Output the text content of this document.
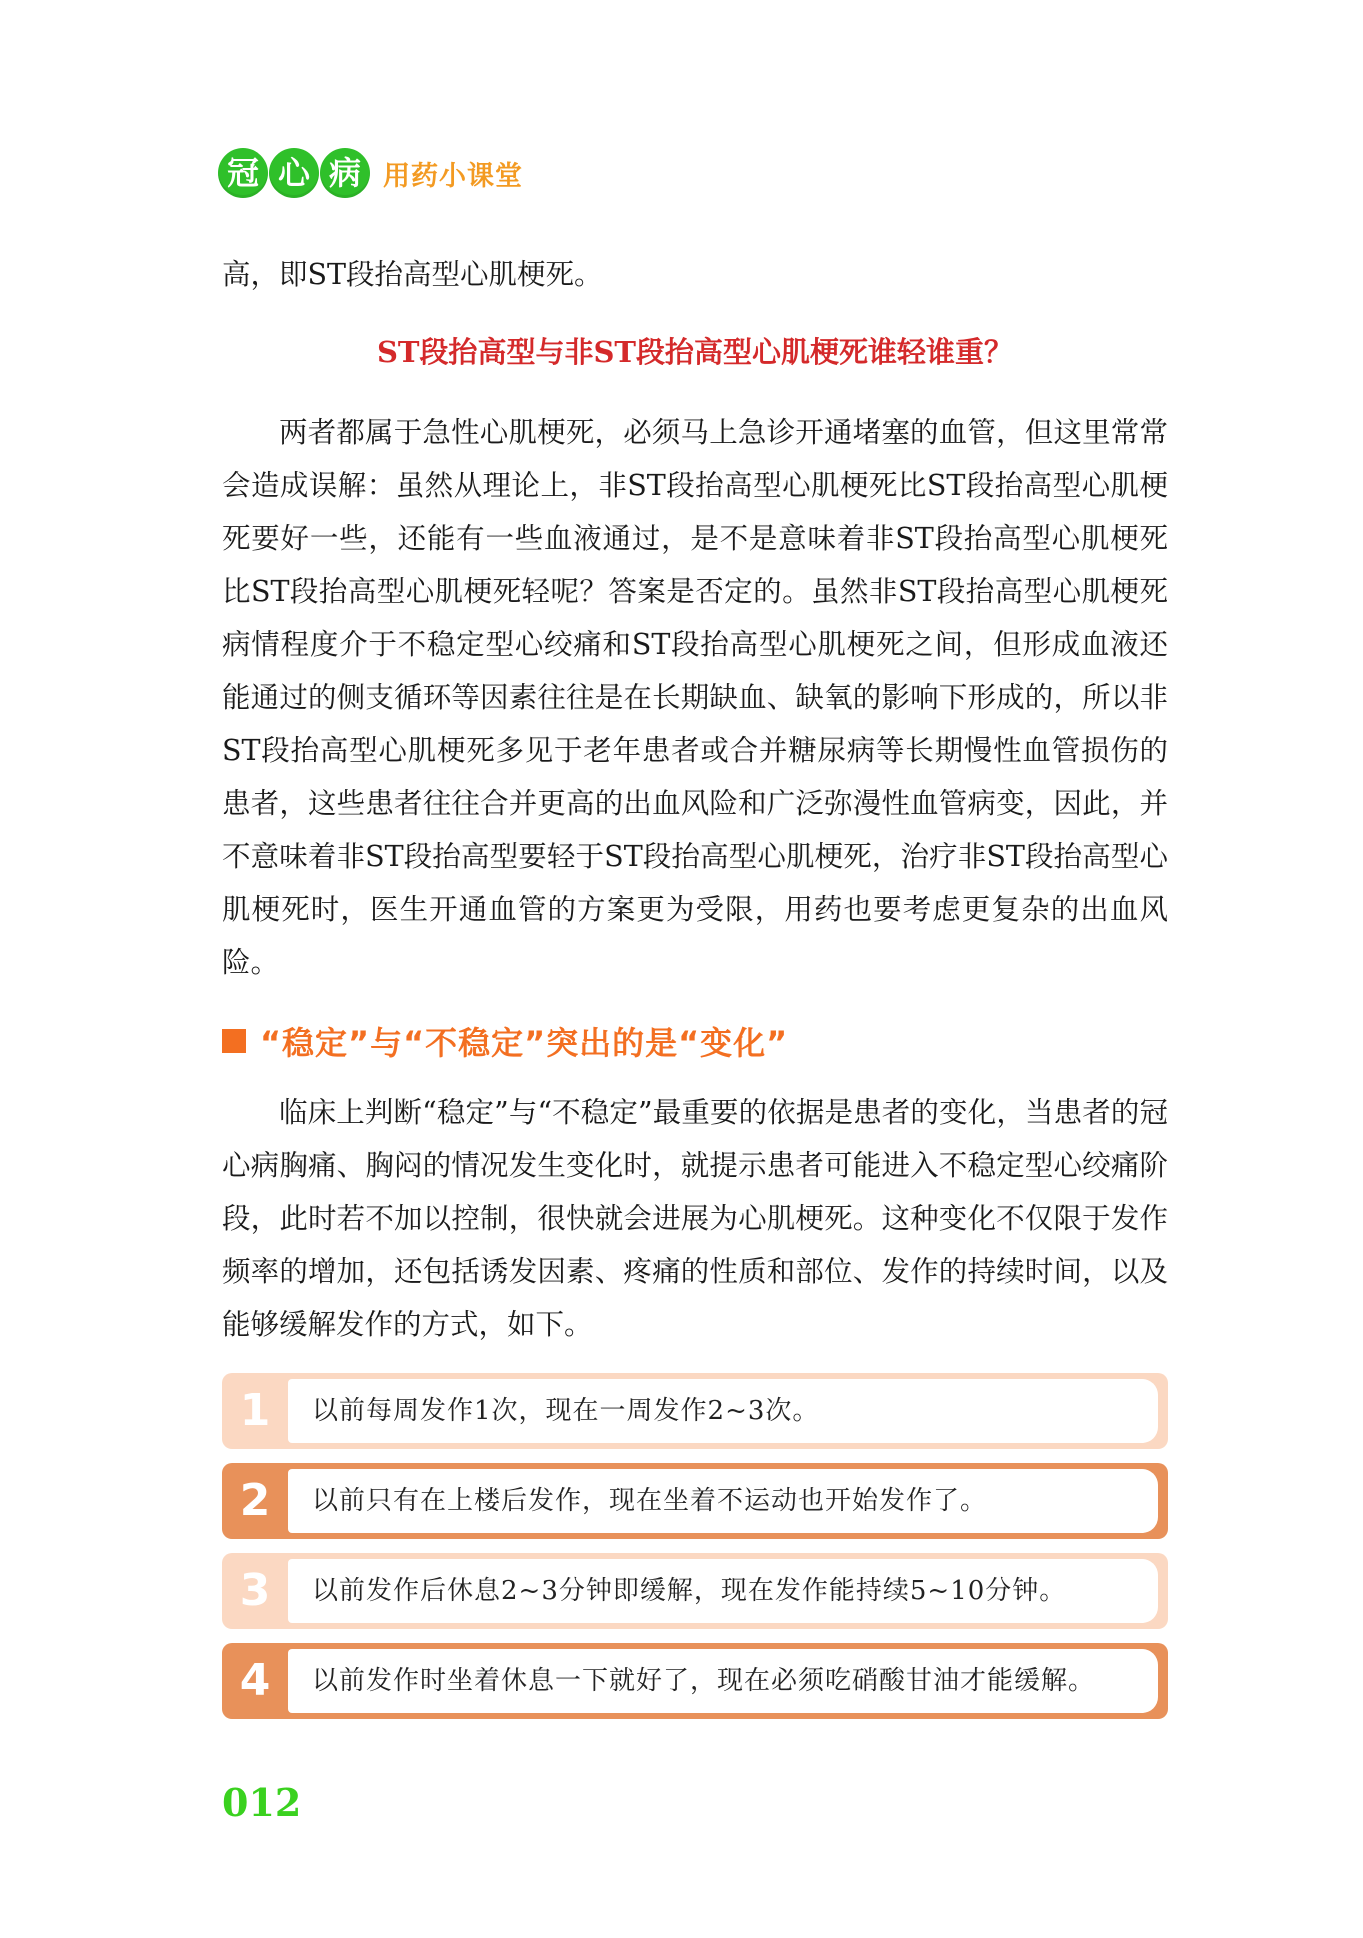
冠 心 病 用药小课堂

高，即ST段抬高型心肌梗死。

ST段抬高型与非ST段抬高型心肌梗死谁轻谁重？

两者都属于急性心肌梗死，必须马上急诊开通堵塞的血管，但这里常常会造成误解：虽然从理论上，非ST段抬高型心肌梗死比ST段抬高型心肌梗死要好一些，还能有一些血液通过，是不是意味着非ST段抬高型心肌梗死比ST段抬高型心肌梗死轻呢？答案是否定的。虽然非ST段抬高型心肌梗死病情程度介于不稳定型心绞痛和ST段抬高型心肌梗死之间，但形成血液还能通过的侧支循环等因素往往是在长期缺血、缺氧的影响下形成的，所以非ST段抬高型心肌梗死多见于老年患者或合并糖尿病等长期慢性血管损伤的患者，这些患者往往合并更高的出血风险和广泛弥漫性血管病变，因此，并不意味着非ST段抬高型要轻于ST段抬高型心肌梗死，治疗非ST段抬高型心肌梗死时，医生开通血管的方案更为受限，用药也要考虑更复杂的出血风险。

“稳定”与“不稳定”突出的是“变化”

临床上判断“稳定”与“不稳定”最重要的依据是患者的变化，当患者的冠心病胸痛、胸闷的情况发生变化时，就提示患者可能进入不稳定型心绞痛阶段，此时若不加以控制，很快就会进展为心肌梗死。这种变化不仅限于发作频率的增加，还包括诱发因素、疼痛的性质和部位、发作的持续时间，以及能够缓解发作的方式，如下。

1	以前每周发作1次，现在一周发作2~3次。
2	以前只有在上楼后发作，现在坐着不运动也开始发作了。
3	以前发作后休息2~3分钟即缓解，现在发作能持续5~10分钟。
4	以前发作时坐着休息一下就好了，现在必须吃硝酸甘油才能缓解。
012
